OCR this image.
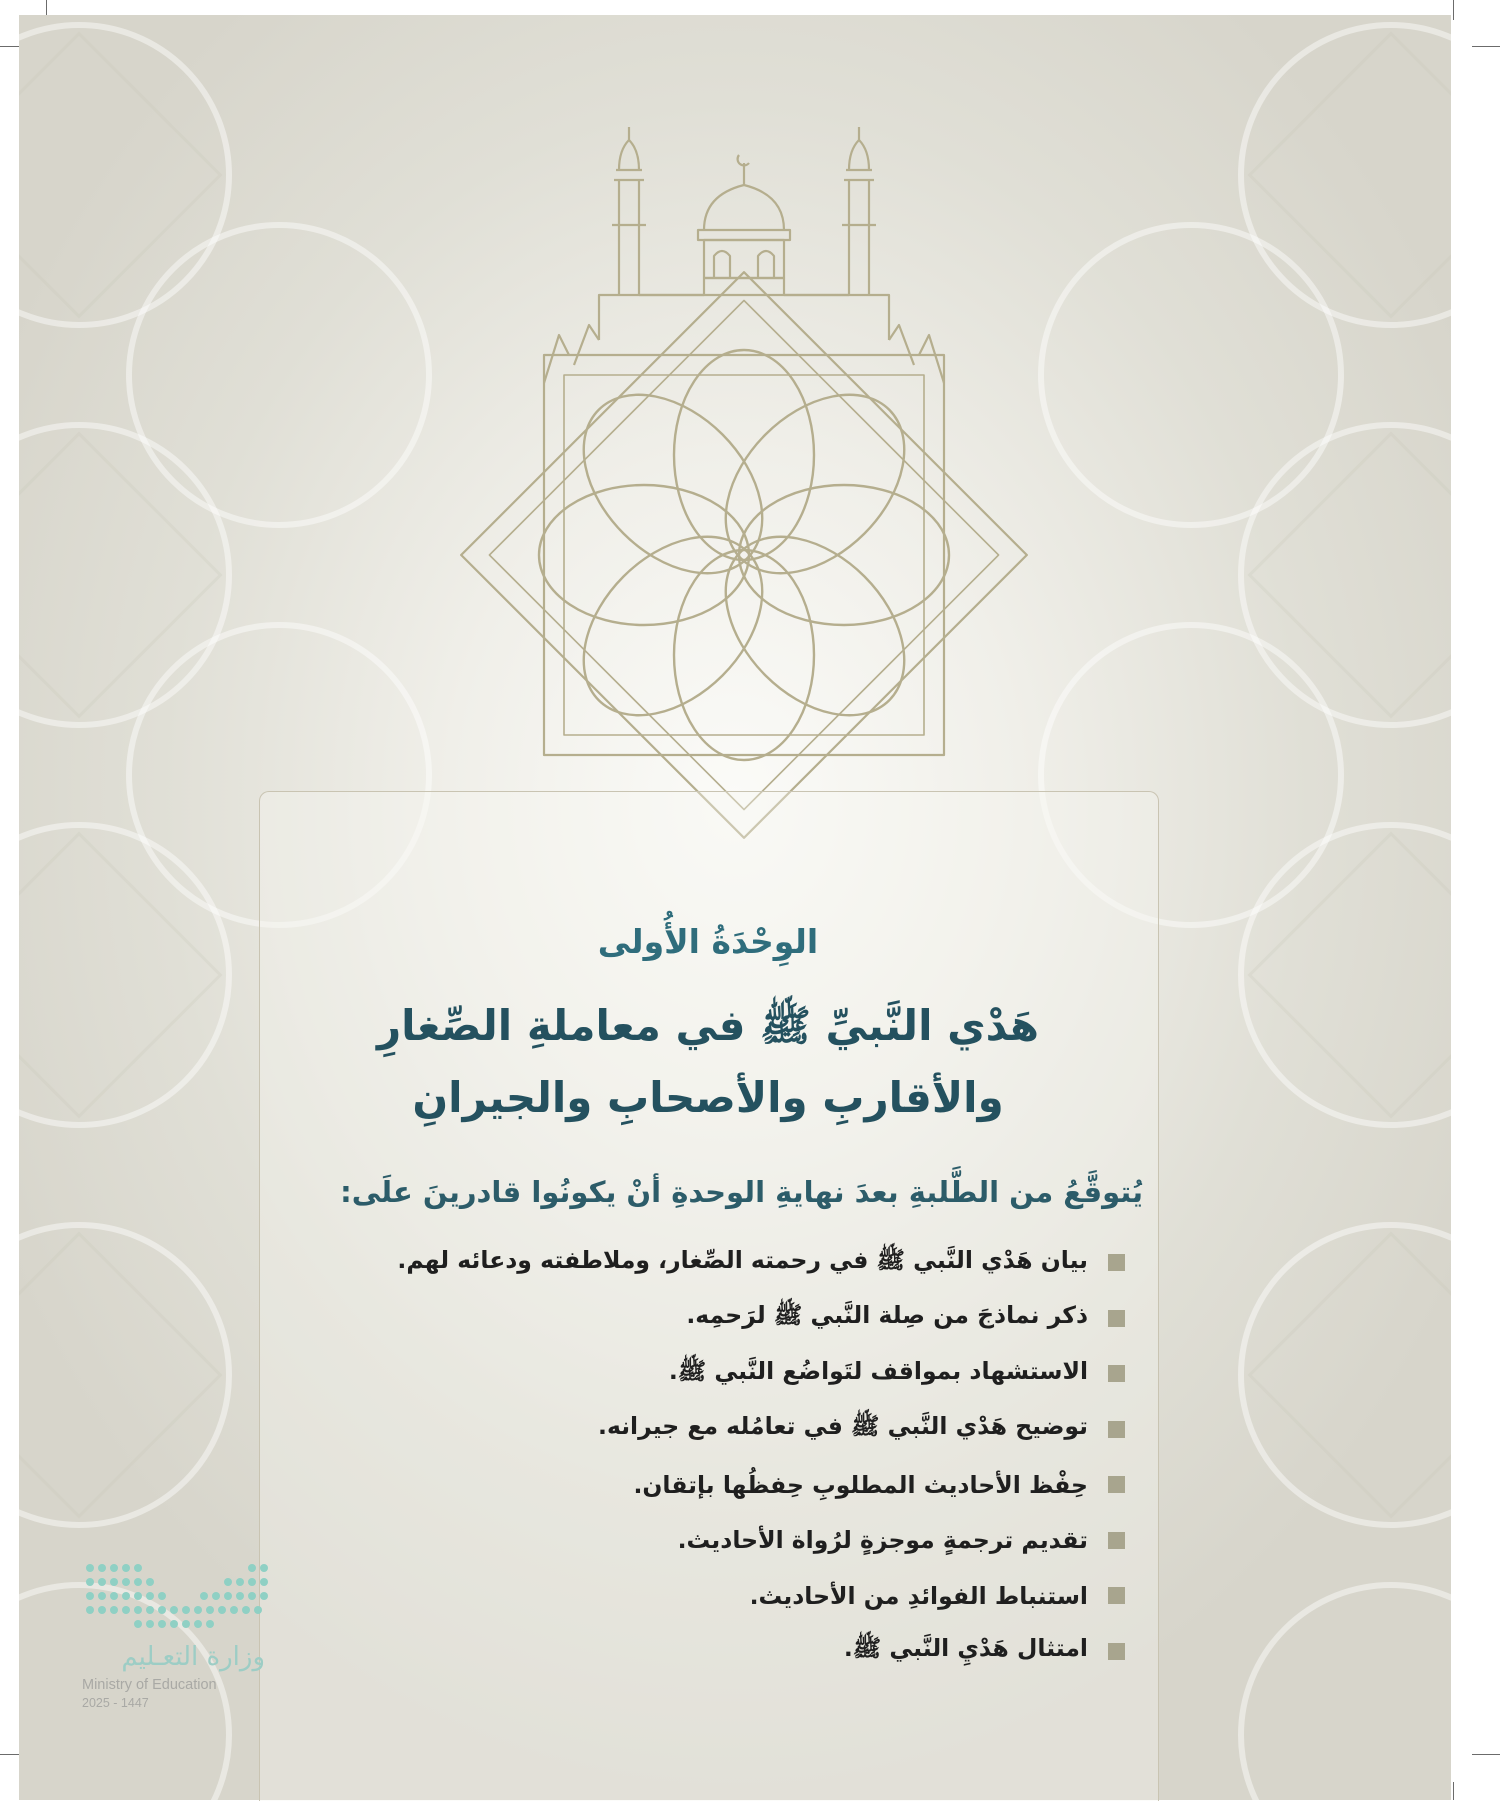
الوِحْدَةُ الأُولى
هَدْي النَّبيِّ ﷺ في معاملةِ الصِّغارِ
والأقاربِ والأصحابِ والجيرانِ
يُتوقَّعُ من الطَّلبةِ بعدَ نهايةِ الوحدةِ أنْ يكونُوا قادرينَ علَى:
بيان هَدْي النَّبي ﷺ في رحمته الصِّغار، وملاطفته ودعائه لهم.
ذكر نماذجَ من صِلة النَّبي ﷺ لرَحمِه.
الاستشهاد بمواقف لتَواضُع النَّبي ﷺ.
توضيح هَدْي النَّبي ﷺ في تعامُله مع جيرانه.
حِفْظ الأحاديث المطلوبِ حِفظُها بإتقان.
تقديم ترجمةٍ موجزةٍ لرُواة الأحاديث.
استنباط الفوائدِ من الأحاديث.
امتثال هَدْيِ النَّبي ﷺ.
وزارة التعـليم
Ministry of Education
2025 - 1447
